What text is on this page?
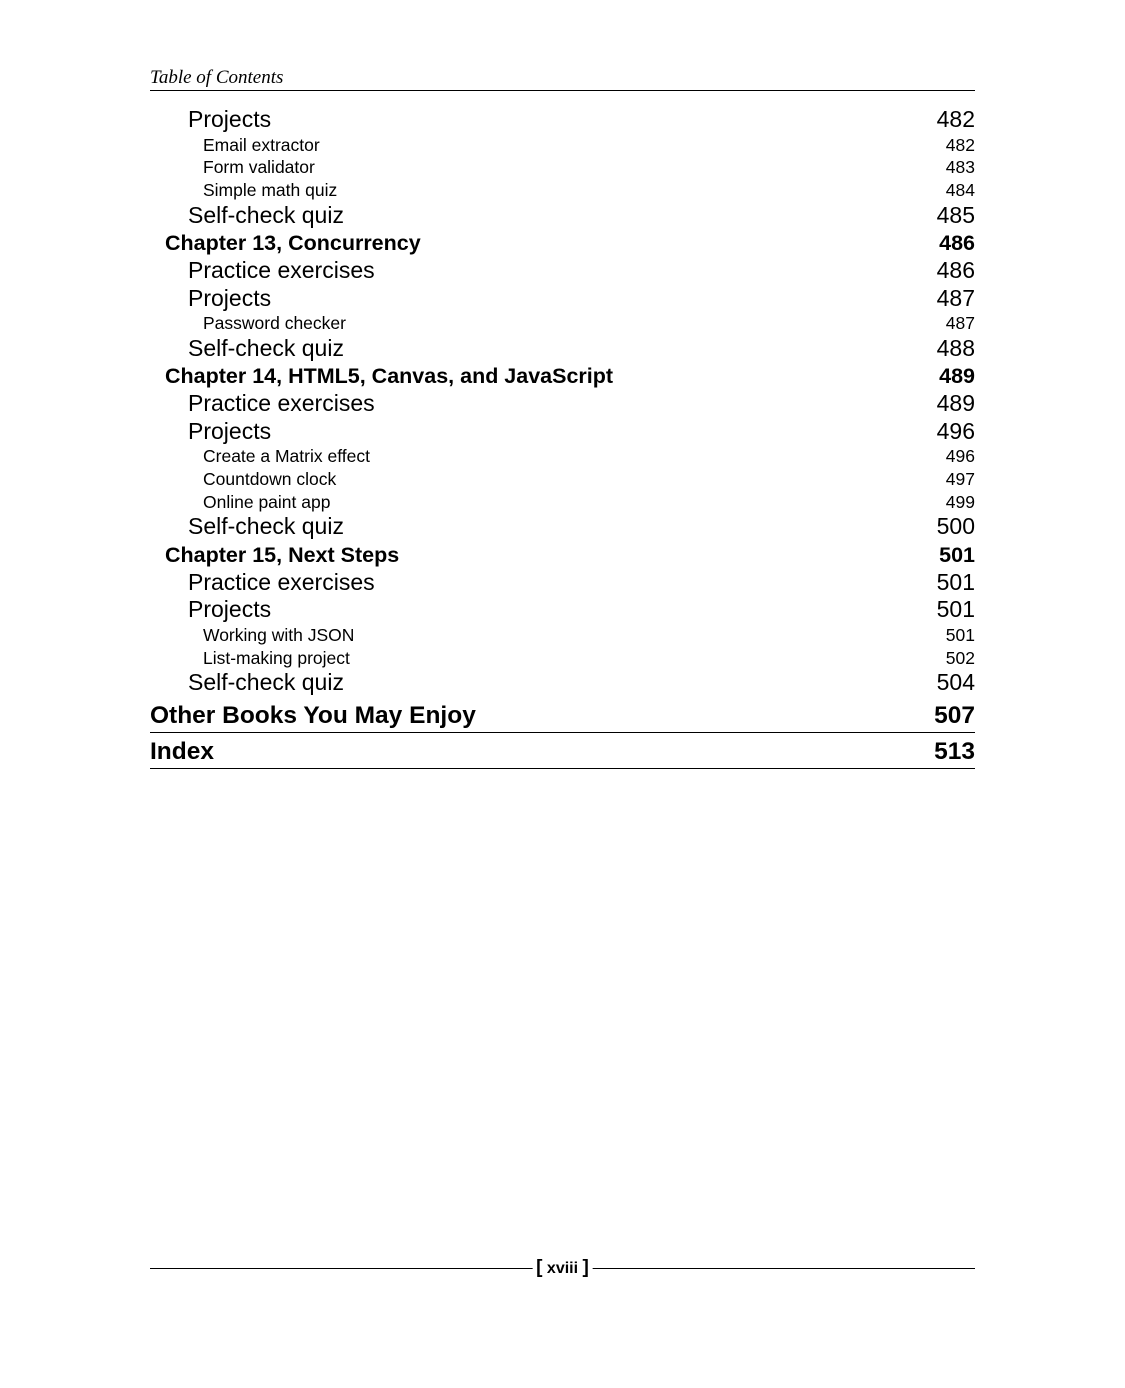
Table of Contents
Projects	482
Email extractor	482
Form validator	483
Simple math quiz	484
Self-check quiz	485
Chapter 13, Concurrency	486
Practice exercises	486
Projects	487
Password checker	487
Self-check quiz	488
Chapter 14, HTML5, Canvas, and JavaScript	489
Practice exercises	489
Projects	496
Create a Matrix effect	496
Countdown clock	497
Online paint app	499
Self-check quiz	500
Chapter 15, Next Steps	501
Practice exercises	501
Projects	501
Working with JSON	501
List-making project	502
Self-check quiz	504
Other Books You May Enjoy	507
Index	513
[ xviii ]
